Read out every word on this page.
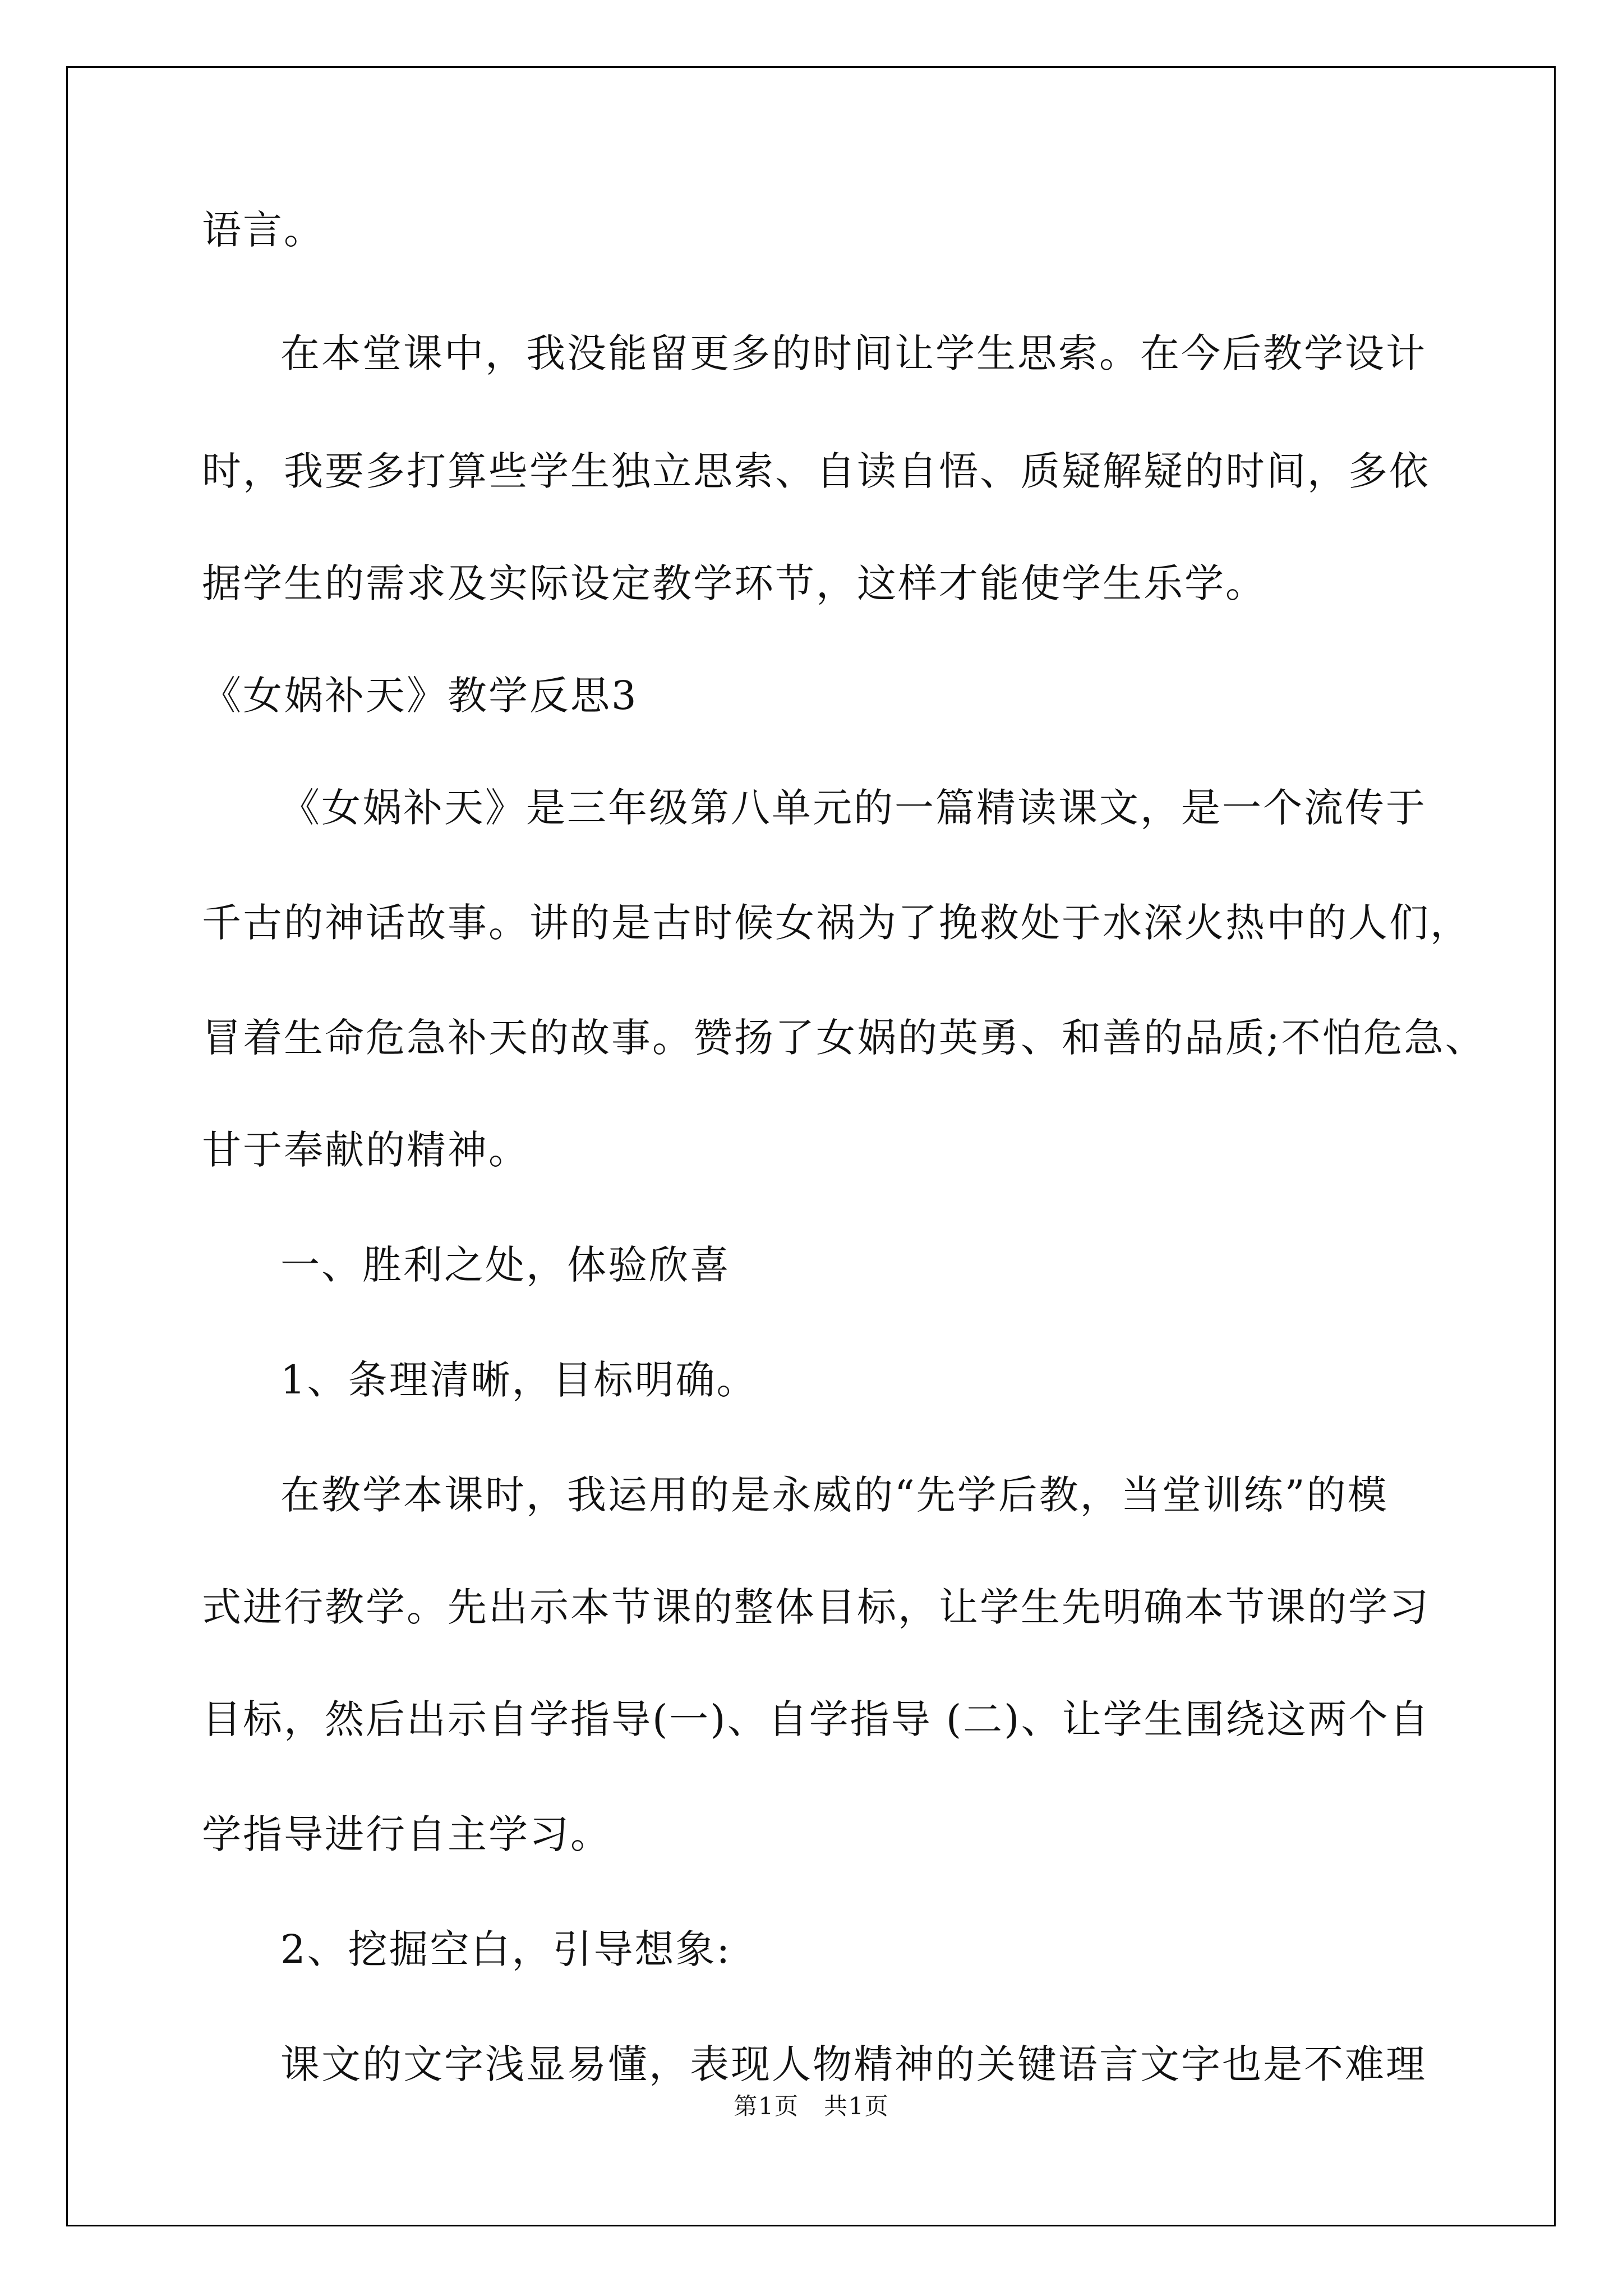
语言。
在本堂课中，我没能留更多的时间让学生思索。在今后教学设计
时，我要多打算些学生独立思索、自读自悟、质疑解疑的时间，多依
据学生的需求及实际设定教学环节，这样才能使学生乐学。
《女娲补天》教学反思3
《女娲补天》是三年级第八单元的一篇精读课文，是一个流传于
千古的神话故事。讲的是古时候女祸为了挽救处于水深火热中的人们，
冒着生命危急补天的故事。赞扬了女娲的英勇、和善的品质;不怕危急、
甘于奉献的精神。
一、胜利之处，体验欣喜
1、条理清晰，目标明确。
在教学本课时，我运用的是永威的“先学后教，当堂训练”的模
式进行教学。先出示本节课的整体目标，让学生先明确本节课的学习
目标，然后出示自学指导(一)、自学指导 (二)、让学生围绕这两个自
学指导进行自主学习。
2、挖掘空白，引导想象:
课文的文字浅显易懂，表现人物精神的关键语言文字也是不难理
第1页　共1页
